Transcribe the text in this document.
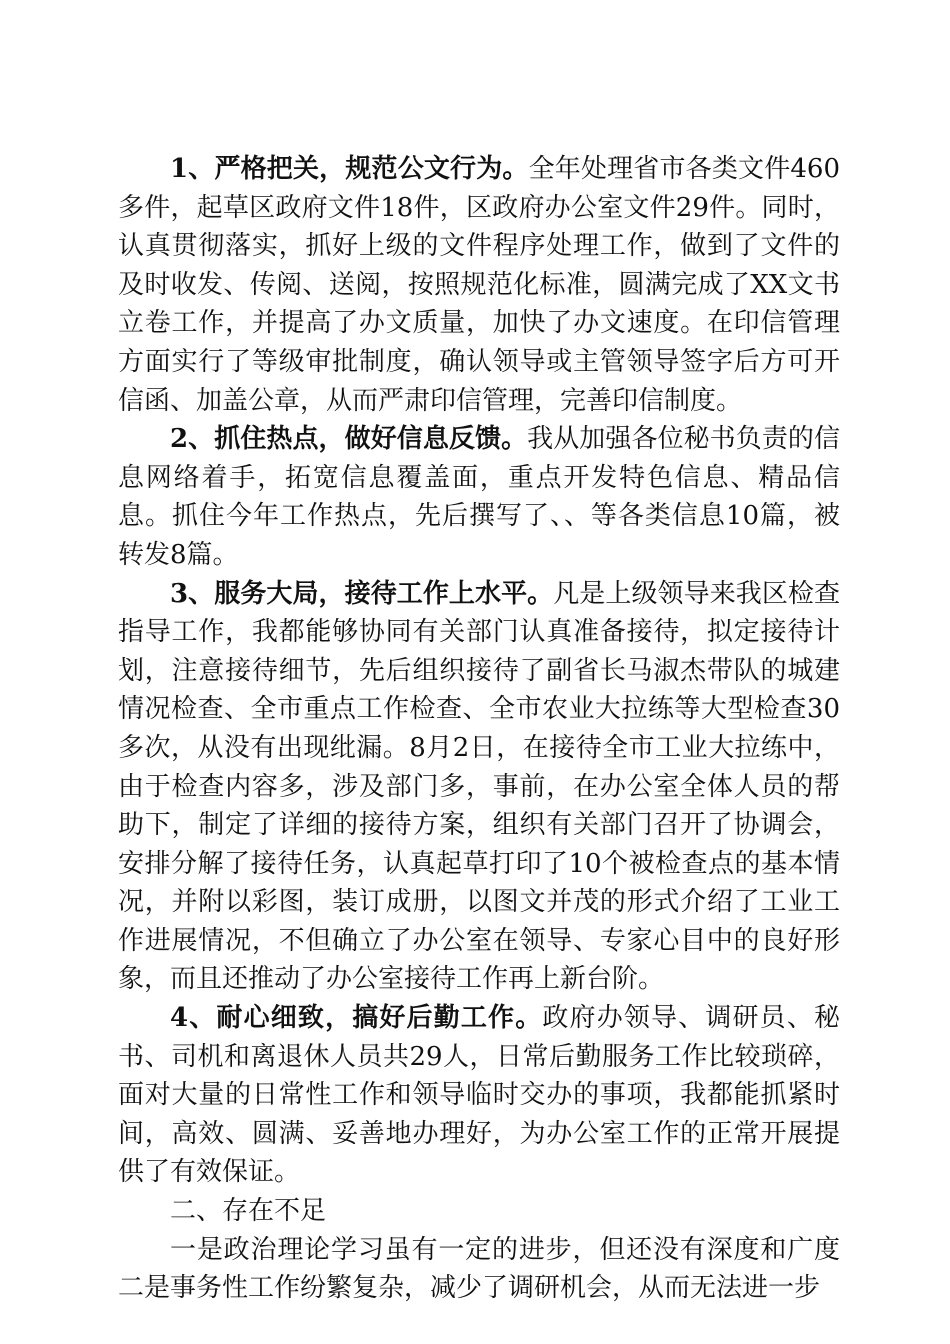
1、严格把关，规范公文行为。全年处理省市各类文件460多件，起草区政府文件18件，区政府办公室文件29件。同时，认真贯彻落实，抓好上级的文件程序处理工作，做到了文件的及时收发、传阅、送阅，按照规范化标准，圆满完成了XX文书立卷工作，并提高了办文质量，加快了办文速度。在印信管理方面实行了等级审批制度，确认领导或主管领导签字后方可开信函、加盖公章，从而严肃印信管理，完善印信制度。

2、抓住热点，做好信息反馈。我从加强各位秘书负责的信息网络着手，拓宽信息覆盖面，重点开发特色信息、精品信息。抓住今年工作热点，先后撰写了、、等各类信息10篇，被转发8篇。

3、服务大局，接待工作上水平。凡是上级领导来我区检查指导工作，我都能够协同有关部门认真准备接待，拟定接待计划，注意接待细节，先后组织接待了副省长马淑杰带队的城建情况检查、全市重点工作检查、全市农业大拉练等大型检查30多次，从没有出现纰漏。8月2日，在接待全市工业大拉练中，由于检查内容多，涉及部门多，事前，在办公室全体人员的帮助下，制定了详细的接待方案，组织有关部门召开了协调会，安排分解了接待任务，认真起草打印了10个被检查点的基本情况，并附以彩图，装订成册，以图文并茂的形式介绍了工业工作进展情况，不但确立了办公室在领导、专家心目中的良好形象，而且还推动了办公室接待工作再上新台阶。

4、耐心细致，搞好后勤工作。政府办领导、调研员、秘书、司机和离退休人员共29人，日常后勤服务工作比较琐碎，面对大量的日常性工作和领导临时交办的事项，我都能抓紧时间，高效、圆满、妥善地办理好，为办公室工作的正常开展提供了有效保证。

二、存在不足

一是政治理论学习虽有一定的进步，但还没有深度和广度二是事务性工作纷繁复杂，减少了调研机会，从而无法进一步
